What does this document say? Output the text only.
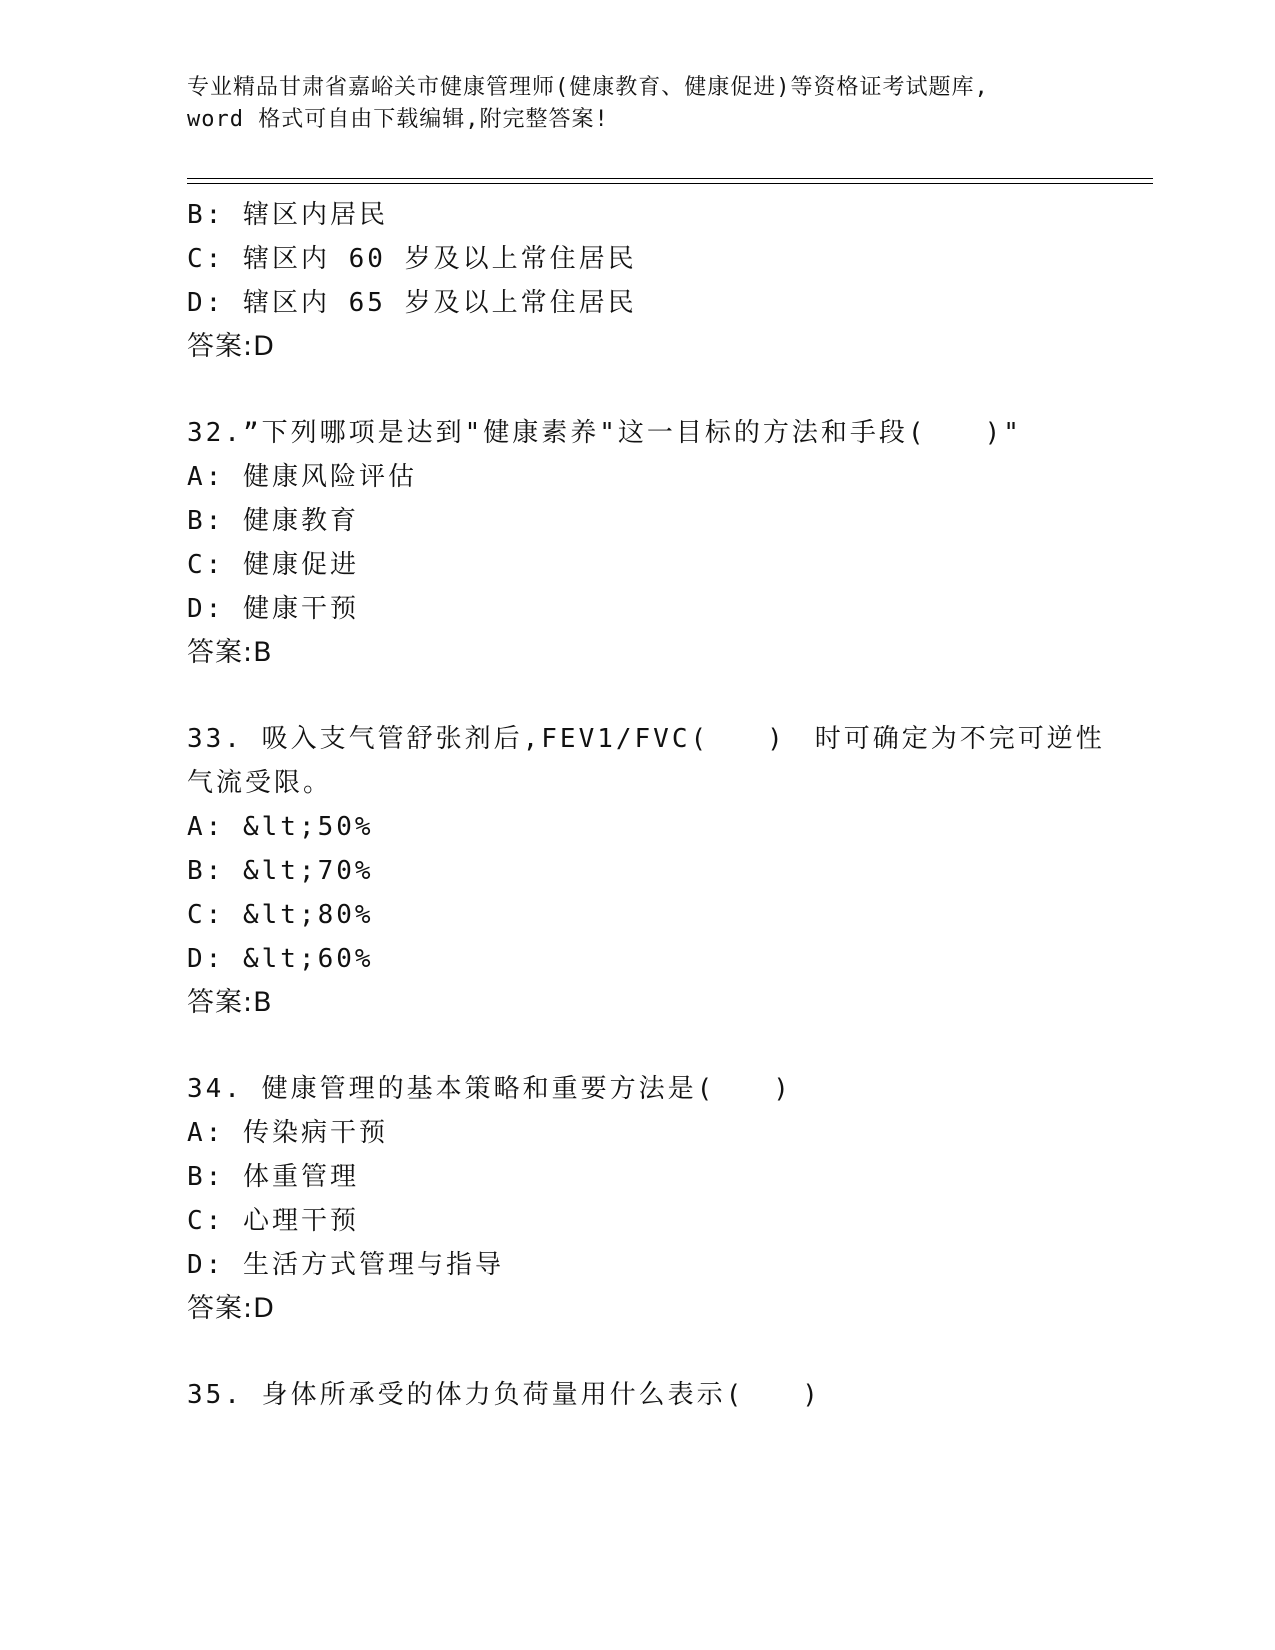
专业精品甘肃省嘉峪关市健康管理师(健康教育、健康促进)等资格证考试题库,
word 格式可自由下载编辑,附完整答案!
B: 辖区内居民
C: 辖区内 60 岁及以上常住居民
D: 辖区内 65 岁及以上常住居民
答案:D
32.”下列哪项是达到"健康素养"这一目标的方法和手段(　　)"
A: 健康风险评估
B: 健康教育
C: 健康促进
D: 健康干预
答案:B
33. 吸入支气管舒张剂后,FEV1/FVC(　　)　时可确定为不完可逆性
气流受限。
A: &lt;50%
B: &lt;70%
C: &lt;80%
D: &lt;60%
答案:B
34. 健康管理的基本策略和重要方法是(　　)
A: 传染病干预
B: 体重管理
C: 心理干预
D: 生活方式管理与指导
答案:D
35. 身体所承受的体力负荷量用什么表示(　　)
